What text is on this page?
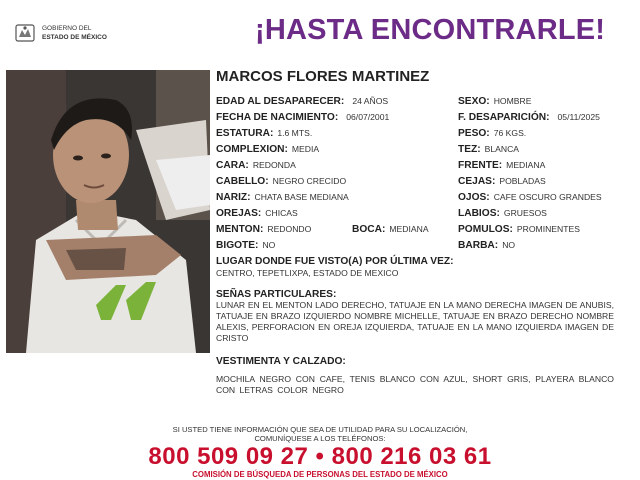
GOBIERNO DEL
ESTADO DE MÉXICO	¡HASTA ENCONTRARLE!
MARCOS FLORES MARTINEZ
EDAD AL DESAPARECER: 24 AÑOS
FECHA DE NACIMIENTO: 06/07/2001
ESTATURA: 1.6 MTS.
COMPLEXION: MEDIA
CARA: REDONDA
CABELLO: NEGRO CRECIDO
NARIZ: CHATA BASE MEDIANA
OREJAS: CHICAS
MENTON: REDONDO	BOCA: MEDIANA
BIGOTE: NO
SEXO: HOMBRE
F. DESAPARICIÓN: 05/11/2025
PESO: 76 KGS.
TEZ: BLANCA
FRENTE: MEDIANA
CEJAS: POBLADAS
OJOS: CAFE OSCURO GRANDES
LABIOS: GRUESOS
POMULOS: PROMINENTES
BARBA: NO
LUGAR DONDE FUE VISTO(A) POR ÚLTIMA VEZ:
CENTRO, TEPETLIXPA, ESTADO DE MEXICO
SEÑAS PARTICULARES:
LUNAR EN EL MENTON LADO DERECHO, TATUAJE EN LA MANO DERECHA IMAGEN DE ANUBIS, TATUAJE EN BRAZO IZQUIERDO NOMBRE MICHELLE, TATUAJE EN BRAZO DERECHO NOMBRE ALEXIS, PERFORACION EN OREJA IZQUIERDA, TATUAJE EN LA MANO IZQUIERDA IMAGEN DE CRISTO
VESTIMENTA Y CALZADO:
MOCHILA NEGRO CON CAFE, TENIS BLANCO CON AZUL, SHORT GRIS, PLAYERA BLANCO CON LETRAS COLOR NEGRO
SI USTED TIENE INFORMACIÓN QUE SEA DE UTILIDAD PARA SU LOCALIZACIÓN,
COMUNÍQUESE A LOS TELÉFONOS:
800 509 09 27 • 800 216 03 61
COMISIÓN DE BÚSQUEDA DE PERSONAS DEL ESTADO DE MÉXICO
